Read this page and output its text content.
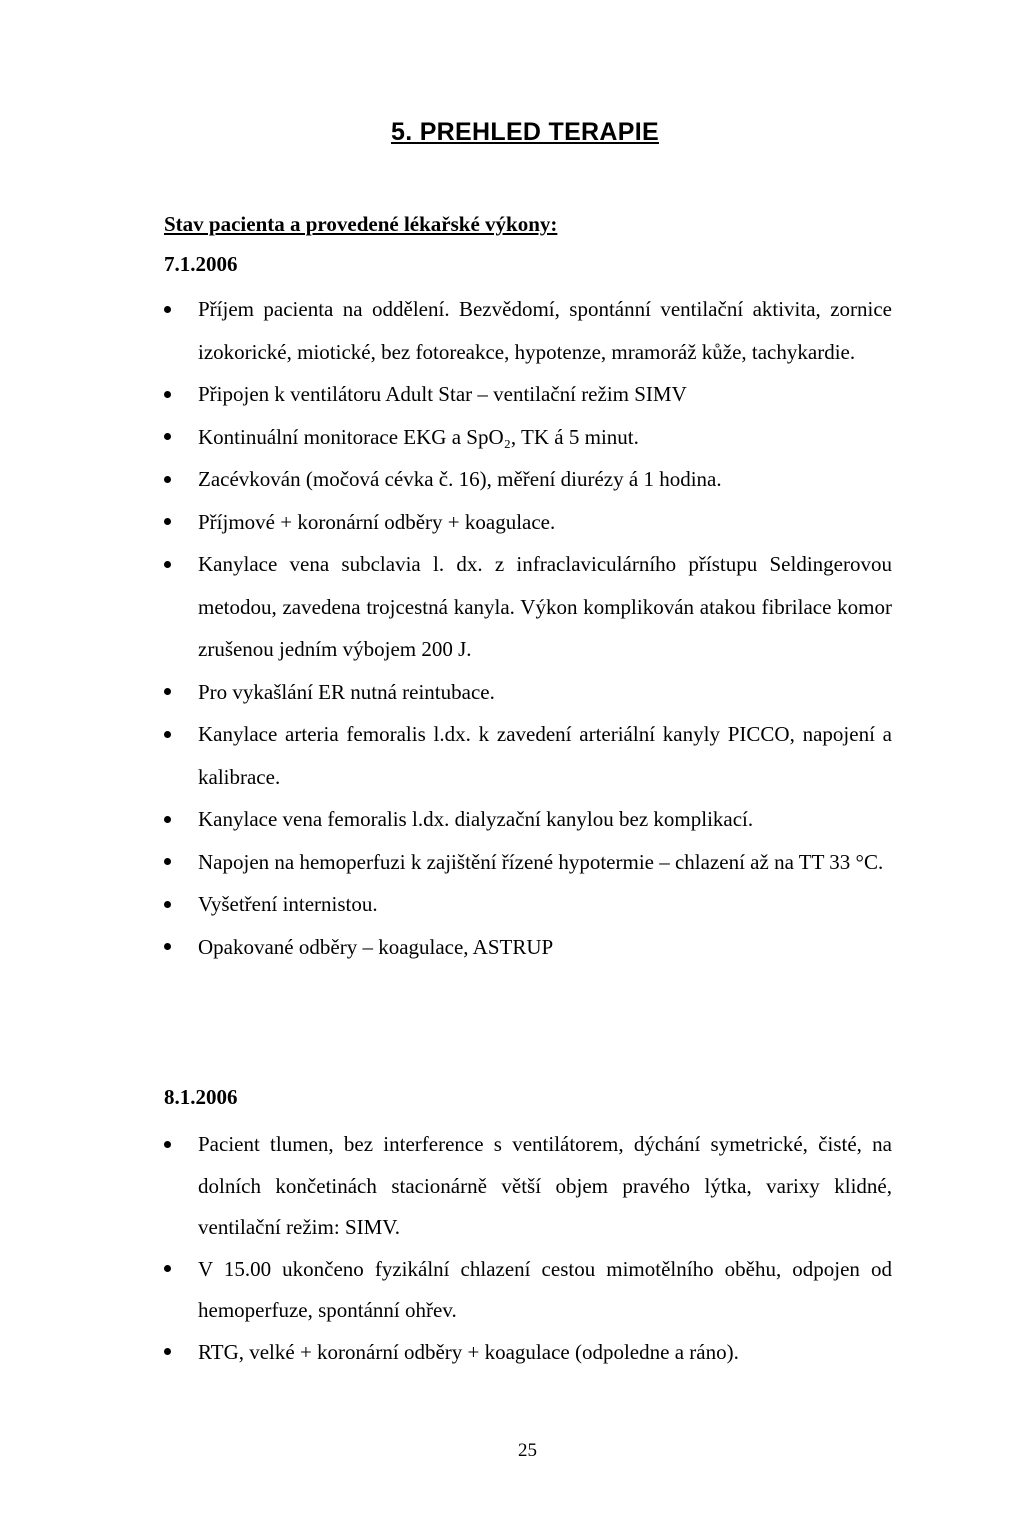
5. PREHLED TERAPIE
Stav pacienta a provedené lékařské výkony:

7.1.2006

Příjem pacienta na oddělení. Bezvědomí, spontánní ventilační aktivita, zornice izokorické, miotické, bez fotoreakce, hypotenze, mramoráž kůže, tachykardie.
Připojen k ventilátoru Adult Star – ventilační režim SIMV
Kontinuální monitorace EKG a SpO₂, TK á 5 minut.
Zacévkován (močová cévka č. 16), měření diurézy á 1 hodina.
Příjmové + koronární odběry + koagulace.
Kanylace vena subclavia l. dx. z infraclaviculárního přístupu Seldingerovou metodou, zavedena trojcestná kanyla. Výkon komplikován atakou fibrilace komor zrušenou jedním výbojem 200 J.
Pro vykašlání ER nutná reintubace.
Kanylace arteria femoralis l.dx. k zavedení arteriální kanyly PICCO, napojení a kalibrace.
Kanylace vena femoralis l.dx. dialyzační kanylou bez komplikací.
Napojen na hemoperfuzi k zajištění řízené hypotermie – chlazení až na TT 33 °C.
Vyšetření internistou.
Opakované odběry – koagulace, ASTRUP

8.1.2006

Pacient tlumen, bez interference s ventilátorem, dýchání symetrické, čisté, na dolních končetinách stacionárně větší objem pravého lýtka, varixy klidné, ventilační režim: SIMV.
V 15.00 ukončeno fyzikální chlazení cestou mimotělního oběhu, odpojen od hemoperfuze, spontánní ohřev.
RTG, velké + koronární odběry + koagulace (odpoledne a ráno).

25
